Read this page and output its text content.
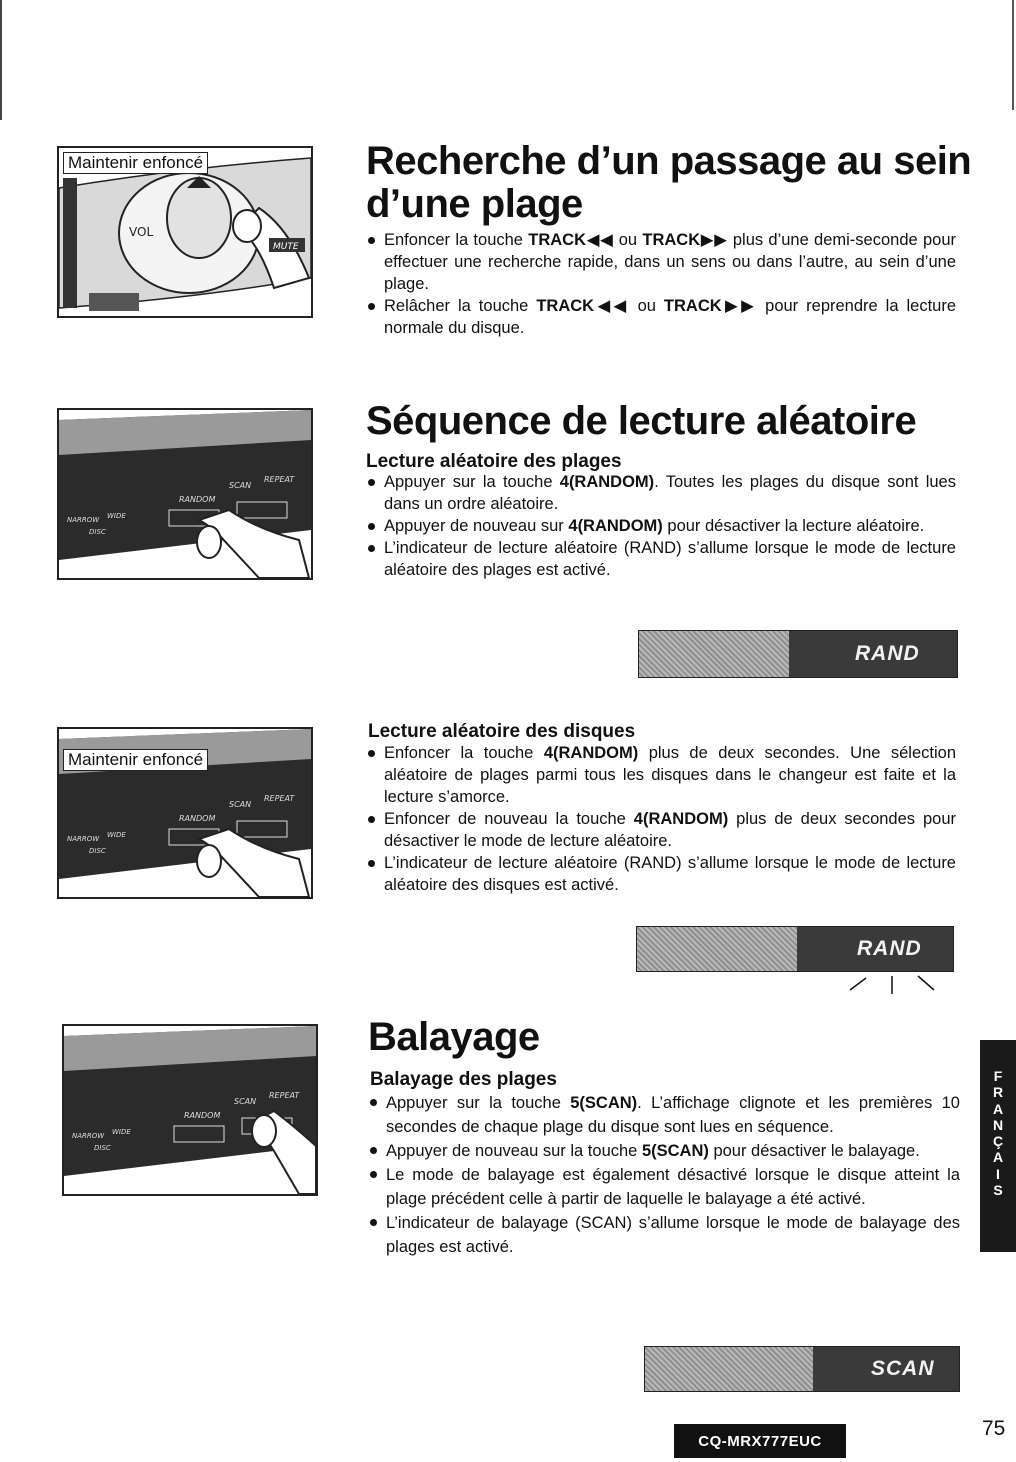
VOL
MUTE
Maintenir enfoncé	Recherche d’un passage au sein
d’une plage
Enfoncer la touche TRACK◀◀ ou TRACK▶▶ plus d’une demi-seconde pour effectuer une recherche rapide, dans un sens ou dans l’autre, au sein d’une plage.
Relâcher la touche TRACK◀◀ ou TRACK▶▶ pour reprendre la lecture normale du disque.
RANDOM
SCAN
REPEAT
NARROW WIDE
DISC
Séquence de lecture aléatoire
Lecture aléatoire des plages
Appuyer sur la touche 4(RANDOM). Toutes les plages du disque sont lues dans un ordre aléatoire.
Appuyer de nouveau sur 4(RANDOM) pour désactiver la lecture aléatoire.
L’indicateur de lecture aléatoire (RAND) s’allume lorsque le mode de lecture aléatoire des plages est activé.
RAND
RANDOM
SCAN
REPEAT
NARROW WIDE
DISC
Maintenir enfoncé
Lecture aléatoire des disques
Enfoncer la touche 4(RANDOM) plus de deux secondes. Une sélection aléatoire de plages parmi tous les disques dans le changeur est faite et la lecture s’amorce.
Enfoncer de nouveau la touche 4(RANDOM) plus de deux secondes pour désactiver le mode de lecture aléatoire.
L’indicateur de lecture aléatoire (RAND) s’allume lorsque le mode de lecture aléatoire des disques est activé.
RAND
RANDOM
SCAN
REPEAT
NARROW WIDE
DISC
Balayage
Balayage des plages
Appuyer sur la touche 5(SCAN). L’affichage clignote et les premières 10 secondes de chaque plage du disque sont lues en séquence.
Appuyer de nouveau sur la touche 5(SCAN) pour désactiver le balayage.
Le mode de balayage est également désactivé lorsque le disque atteint la plage précédent celle à partir de laquelle le balayage a été activé.
L’indicateur de balayage (SCAN) s’allume lorsque le mode de balayage des plages est activé.
SCAN
F
R
A
N
Ç
A
I
S
CQ-MRX777EUC
75
